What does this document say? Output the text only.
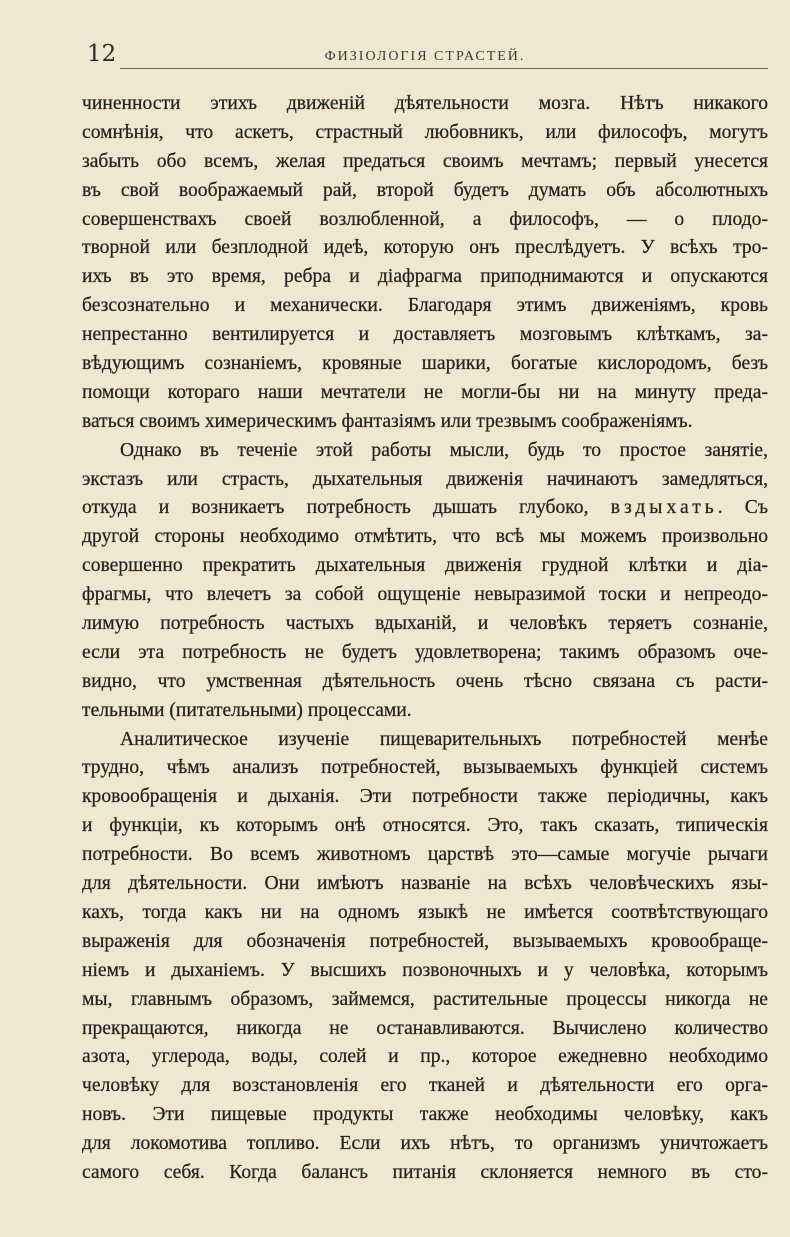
12	ФИЗІОЛОГІЯ СТРАСТЕЙ.
чиненности этихъ движеній дѣятельности мозга. Нѣтъ никакого
сомнѣнія, что аскетъ, страстный любовникъ, или философъ, могутъ
забыть обо всемъ, желая предаться своимъ мечтамъ; первый унесется
въ свой воображаемый рай, второй будетъ думать объ абсолютныхъ
совершенствахъ своей возлюбленной, а философъ, — о плодо-
творной или безплодной идеѣ, которую онъ преслѣдуетъ. У всѣхъ тро-
ихъ въ это время, ребра и діафрагма приподнимаются и опускаются
безсознательно и механически. Благодаря этимъ движеніямъ, кровь
непрестанно вентилируется и доставляетъ мозговымъ клѣткамъ, за-
вѣдующимъ сознаніемъ, кровяные шарики, богатые кислородомъ, безъ
помощи котораго наши мечтатели не могли-бы ни на минуту преда-
ваться своимъ химерическимъ фантазіямъ или трезвымъ соображеніямъ.
Однако въ теченіе этой работы мысли, будь то простое занятіе,
экстазъ или страсть, дыхательныя движенія начинаютъ замедляться,
откуда и возникаетъ потребность дышать глубоко, вздыхать. Съ
другой стороны необходимо отмѣтить, что всѣ мы можемъ произвольно
совершенно прекратить дыхательныя движенія грудной клѣтки и діа-
фрагмы, что влечетъ за собой ощущеніе невыразимой тоски и непреодо-
лимую потребность частыхъ вдыханій, и человѣкъ теряетъ сознаніе,
если эта потребность не будетъ удовлетворена; такимъ образомъ оче-
видно, что умственная дѣятельность очень тѣсно связана съ расти-
тельными (питательными) процессами.
Аналитическое изученіе пищеварительныхъ потребностей менѣе
трудно, чѣмъ анализъ потребностей, вызываемыхъ функціей системъ
кровообращенія и дыханія. Эти потребности также періодичны, какъ
и функціи, къ которымъ онѣ относятся. Это, такъ сказать, типическія
потребности. Во всемъ животномъ царствѣ это—самые могучіе рычаги
для дѣятельности. Они имѣютъ названіе на всѣхъ человѣческихъ язы-
кахъ, тогда какъ ни на одномъ языкѣ не имѣется соотвѣтствующаго
выраженія для обозначенія потребностей, вызываемыхъ кровообраще-
ніемъ и дыханіемъ. У высшихъ позвоночныхъ и у человѣка, которымъ
мы, главнымъ образомъ, займемся, растительные процессы никогда не
прекращаются, никогда не останавливаются. Вычислено количество
азота, углерода, воды, солей и пр., которое ежедневно необходимо
человѣку для возстановленія его тканей и дѣятельности его орга-
новъ. Эти пищевые продукты также необходимы человѣку, какъ
для локомотива топливо. Если ихъ нѣтъ, то организмъ уничтожаетъ
самого себя. Когда балансъ питанія склоняется немного въ сто-
